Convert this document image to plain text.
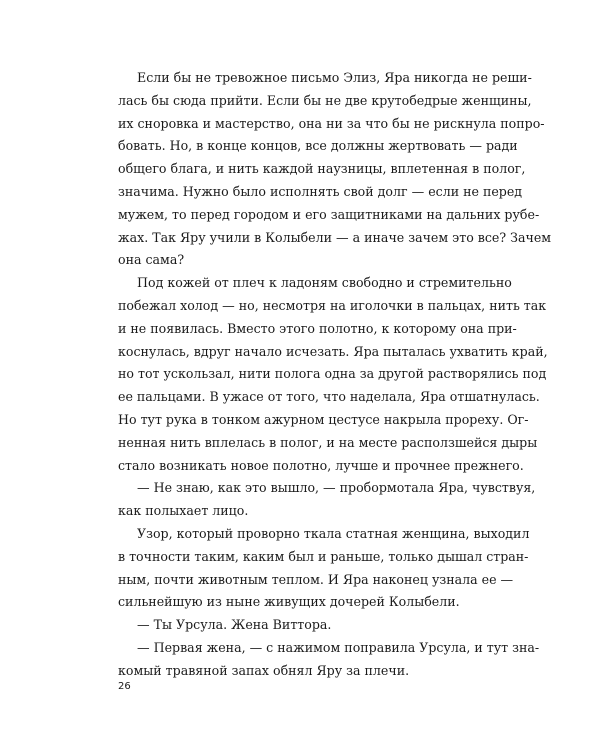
Если бы не тревожное письмо Элиз, Яра никогда не реши-
лась бы сюда прийти. Если бы не две крутобедрые женщины,
их сноровка и мастерство, она ни за что бы не рискнула попро-
бовать. Но, в конце концов, все должны жертвовать — ради
общего блага, и нить каждой наузницы, вплетенная в полог,
значима. Нужно было исполнять свой долг — если не перед
мужем, то перед городом и его защитниками на дальних рубе-
жах. Так Яру учили в Колыбели — а иначе зачем это все? Зачем
она сама?
Под кожей от плеч к ладоням свободно и стремительно
побежал холод — но, несмотря на иголочки в пальцах, нить так
и не появилась. Вместо этого полотно, к которому она при-
коснулась, вдруг начало исчезать. Яра пыталась ухватить край,
но тот ускользал, нити полога одна за другой растворялись под
ее пальцами. В ужасе от того, что наделала, Яра отшатнулась.
Но тут рука в тонком ажурном цестусе накрыла прореху. Ог-
ненная нить вплелась в полог, и на месте расползшейся дыры
стало возникать новое полотно, лучше и прочнее прежнего.
— Не знаю, как это вышло, — пробормотала Яра, чувствуя,
как полыхает лицо.
Узор, который проворно ткала статная женщина, выходил
в точности таким, каким был и раньше, только дышал стран-
ным, почти животным теплом. И Яра наконец узнала ее —
сильнейшую из ныне живущих дочерей Колыбели.
— Ты Урсула. Жена Виттора.
— Первая жена, — с нажимом поправила Урсула, и тут зна-
комый травяной запах обнял Яру за плечи.
26
